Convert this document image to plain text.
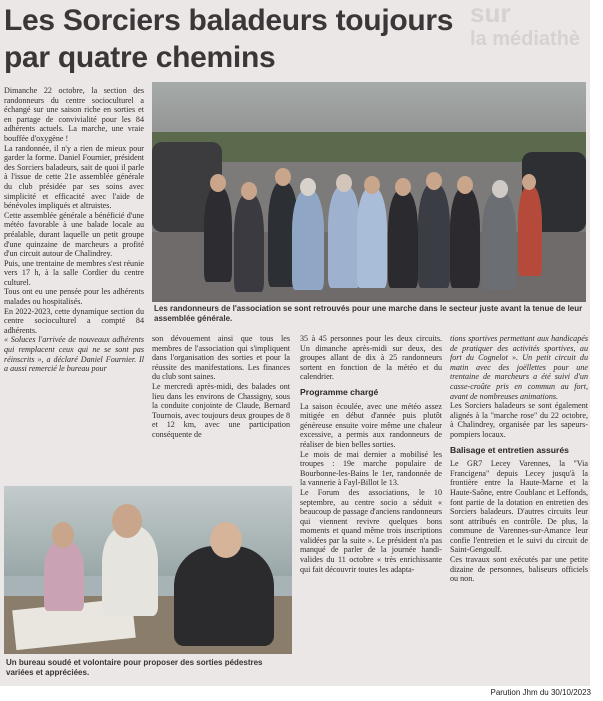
sur
la médiathè
Les Sorciers baladeurs toujours
par quatre chemins

Dimanche 22 octobre, la section des randonneurs du centre socioculturel a échangé sur une saison riche en sorties et en partage de convivialité pour les 84 adhérents actuels. La marche, une vraie bouffée d'oxygène !

La randonnée, il n'y a rien de mieux pour garder la forme. Daniel Fournier, président des Sorciers baladeurs, sait de quoi il parle à l'issue de cette 21e assemblée générale du club présidée par ses soins avec simplicité et efficacité avec l'aide de bénévoles impliqués et altruistes.

Cette assemblée générale a bénéficié d'une météo favorable à une balade locale au préalable, durant laquelle un petit groupe d'une quinzaine de marcheurs a profité d'un circuit autour de Chalindrey.

Puis, une trentaine de membres s'est réunie vers 17 h, à la salle Cordier du centre culturel.

Tous ont eu une pensée pour les adhérents malades ou hospitalisés.

En 2022-2023, cette dynamique section du centre socioculturel a compté 84 adhérents.

« Soluces l'arrivée de nouveaux adhérents qui remplacent ceux qui ne se sont pas réinscrits », a déclaré Daniel Fournier. Il a aussi remercié le bureau pour

Les randonneurs de l'association se sont retrouvés pour une marche dans le secteur juste avant la tenue de leur assemblée générale.

son dévouement ainsi que tous les membres de l'association qui s'impliquent dans l'organisation des sorties et pour la réussite des manifestations. Les finances du club sont saines.

Le mercredi après-midi, des balades ont lieu dans les environs de Chassigny, sous la conduite conjointe de Claude, Bernard Tournois, avec toujours deux groupes de 8 et 12 km, avec une participation conséquente de

35 à 45 personnes pour les deux circuits. Un dimanche après-midi sur deux, des groupes allant de dix à 25 randonneurs sortent en fonction de la météo et du calendrier.

Programme chargé

La saison écoulée, avec une météo assez mitigée en début d'année puis plutôt généreuse ensuite voire même une chaleur excessive, a permis aux randonneurs de réaliser de bien belles sorties.

Le mois de mai dernier a mobilisé les troupes : 19e marche populaire de Bourbonne-les-Bains le 1er, randonnée de la vannerie à Fayl-Billot le 13.

Le Forum des associations, le 10 septembre, au centre socio a séduit « beaucoup de passage d'anciens randonneurs qui viennent revivre quelques bons moments et quand même trois inscriptions validées par la suite ». Le président n'a pas manqué de parler de la journée handi-valides du 11 octobre « très enrichissante qui fait découvrir toutes les adapta-

tions sportives permettant aux handicapés de pratiquer des activités sportives, au fort du Cognelot ». Un petit circuit du matin avec des joëllettes pour une trentaine de marcheurs a été suivi d'un casse-croûte pris en commun au fort, avant de nombreuses animations.

Les Sorciers baladeurs se sont également alignés à la "marche rose" du 22 octobre, à Chalindrey, organisée par les sapeurs-pompiers locaux.

Balisage et entretien assurés

Le GR7 Lecey Varennes, la "Via Francigena" depuis Lecey jusqu'à la frontière entre la Haute-Marne et la Haute-Saône, entre Coublanc et Leffonds, font partie de la dotation en entretien des Sorciers baladeurs. D'autres circuits leur sont attribués en contrôle. De plus, la commune de Varennes-sur-Amance leur confie l'entretien et le suivi du circuit de Saint-Gengoulf.

Ces travaux sont exécutés par une petite dizaine de personnes, baliseurs officiels ou non.

Un bureau soudé et volontaire pour proposer des sorties pédestres variées et appréciées.
Parution Jhm du 30/10/2023
